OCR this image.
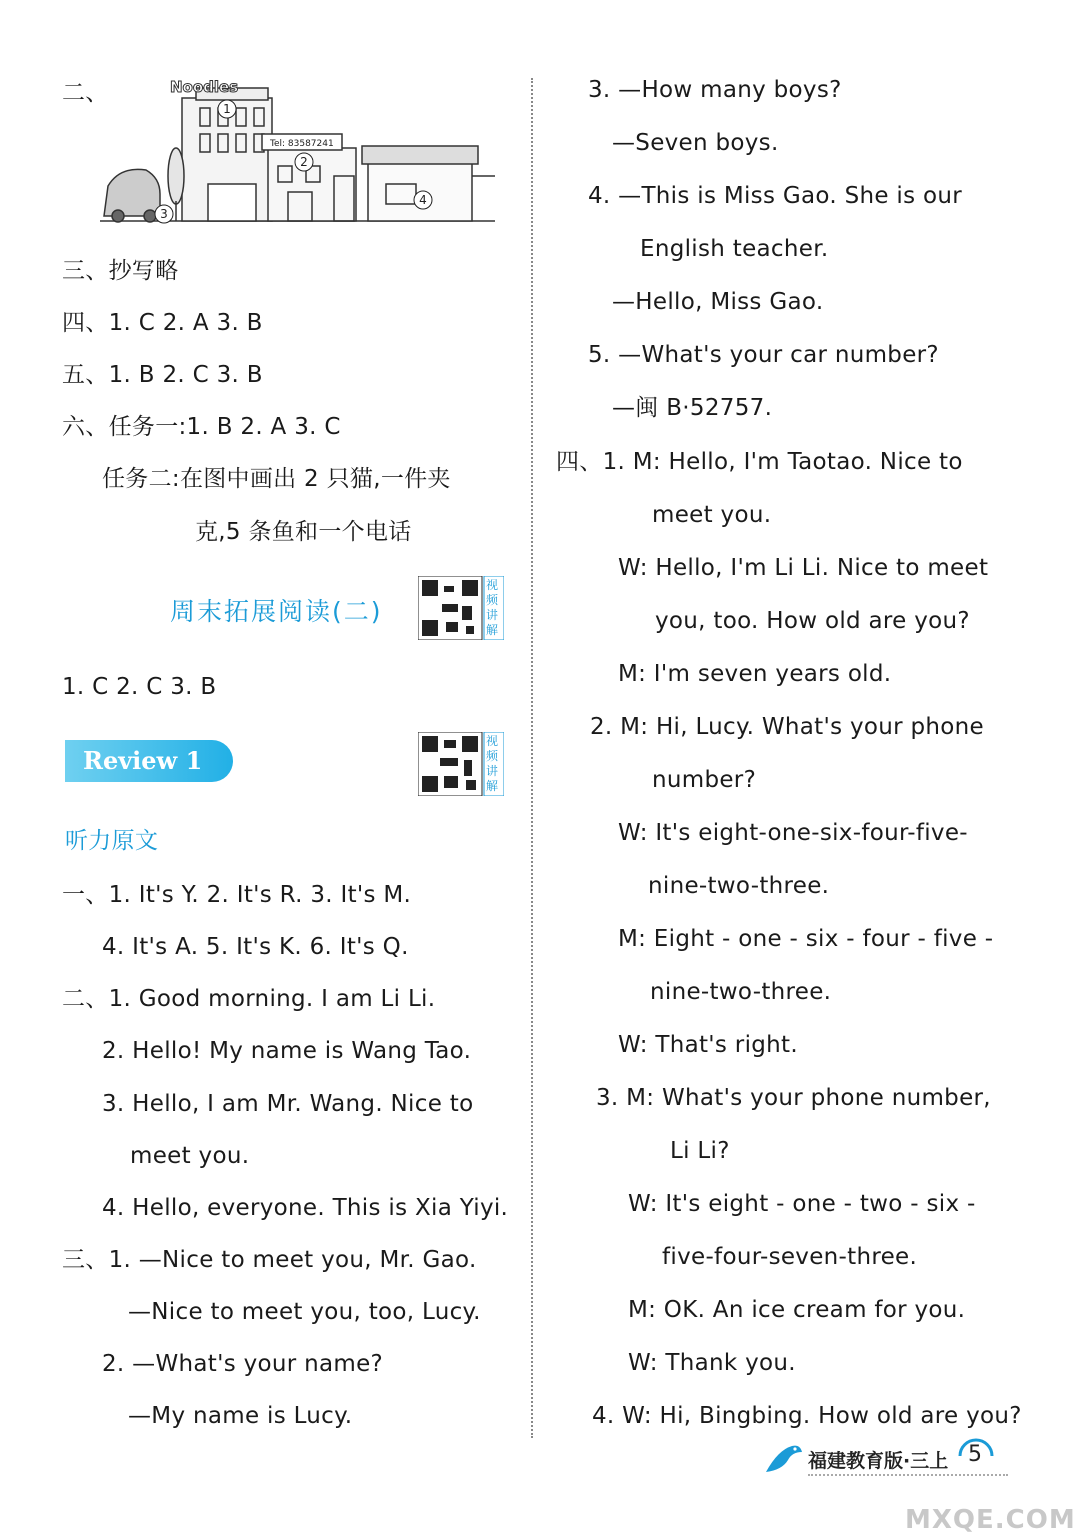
二、	Noodles
Tel: 83587241
1
2
3
4
三、抄写略
四、1. C 2. A 3. B
五、1. B 2. C 3. B
六、任务一:1. B 2. A 3. C
任务二:在图中画出 2 只猫,一件夹
克,5 条鱼和一个电话
周末拓展阅读(二)
视频讲解
1. C 2. C 3. B
Review 1
视频讲解
听力原文
一、1. It's Y. 2. It's R. 3. It's M.
4. It's A. 5. It's K. 6. It's Q.
二、1. Good morning. I am Li Li.
2. Hello! My name is Wang Tao.
3. Hello, I am Mr. Wang. Nice to
meet you.
4. Hello, everyone. This is Xia Yiyi.
三、1. —Nice to meet you, Mr. Gao.
—Nice to meet you, too, Lucy.
2. —What's your name?
—My name is Lucy.
3. —How many boys?
—Seven boys.
4. —This is Miss Gao. She is our
English teacher.
—Hello, Miss Gao.
5. —What's your car number?
—闽 B·52757.
四、1. M: Hello, I'm Taotao. Nice to
meet you.
W: Hello, I'm Li Li. Nice to meet
you, too. How old are you?
M: I'm seven years old.
2. M: Hi, Lucy. What's your phone
number?
W: It's eight-one-six-four-five-
nine-two-three.
M: Eight - one - six - four - five -
nine-two-three.
W: That's right.
3. M: What's your phone number,
Li Li?
W: It's eight - one - two - six -
five-four-seven-three.
M: OK. An ice cream for you.
W: Thank you.
4. W: Hi, Bingbing. How old are you?
福建教育版·三上 5
MXQE.COM
